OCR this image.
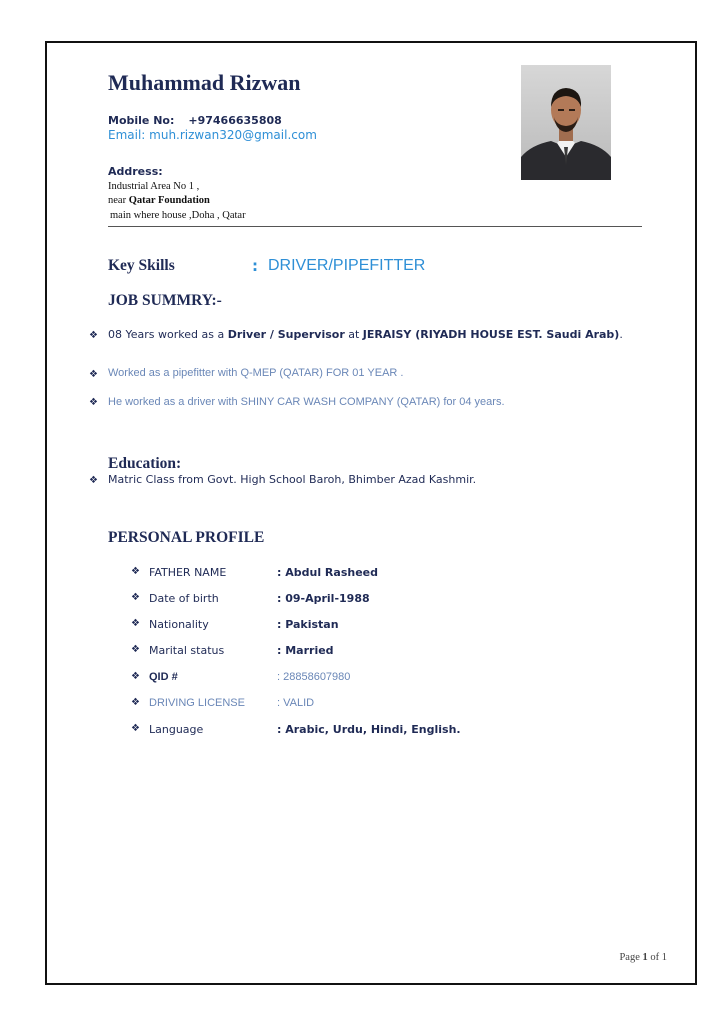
Muhammad Rizwan
Mobile No: +97466635808
Email: muh.rizwan320@gmail.com
Address:
Industrial Area No 1 ,
near Qatar Foundation
main where house ,Doha , Qatar
Key Skills	: DRIVER/PIPEFITTER
JOB SUMMRY:-
❖ 08 Years worked as a Driver / Supervisor at JERAISY (RIYADH HOUSE EST. Saudi Arab).
❖ Worked as a pipefitter with Q-MEP (QATAR) FOR 01 YEAR .
❖ He worked as a driver with SHINY CAR WASH COMPANY (QATAR) for 04 years.
Education:
❖ Matric Class from Govt. High School Baroh, Bhimber Azad Kashmir.
PERSONAL PROFILE
❖ FATHER NAME	: Abdul Rasheed
❖ Date of birth	: 09-April-1988
❖ Nationality	: Pakistan
❖ Marital status	: Married
❖ QID #	: 28858607980
❖ DRIVING LICENSE	: VALID
❖ Language	: Arabic, Urdu, Hindi, English.
Page 1 of 1
